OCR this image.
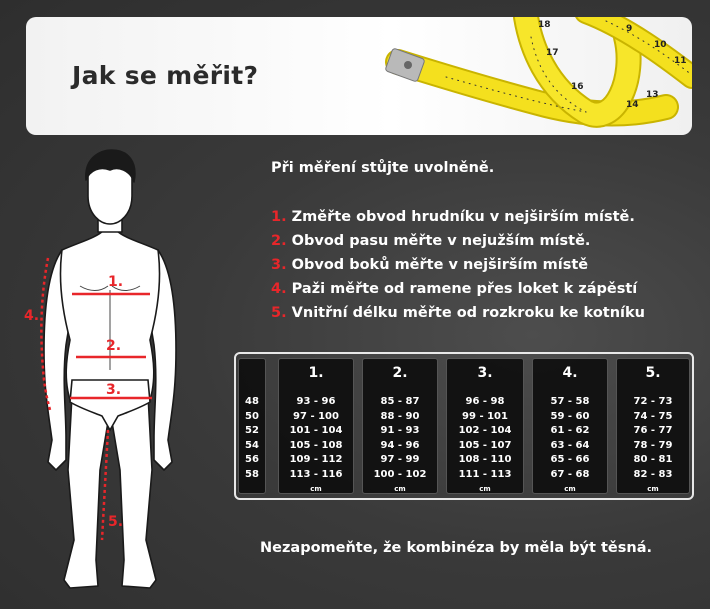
Jak se měřit?
18
17
16
14
13
9
10
11
1.
2.
3.
4.
5.
Při měření stůjte uvolněně.
1. Změřte obvod hrudníku v nejširším místě.
2. Obvod pasu měřte v nejužším místě.
3. Obvod boků měřte v nejširším místě
4. Paži měřte od ramene přes loket k zápěstí
5. Vnitřní délku měřte od rozkroku ke kotníku
48
50
52
54
56
58
1.
93 - 96
97 - 100
101 - 104
105 - 108
109 - 112
113 - 116
cm
2.
85 - 87
88 - 90
91 - 93
94 - 96
97 - 99
100 - 102
cm
3.
96 - 98
99 - 101
102 - 104
105 - 107
108 - 110
111 - 113
cm
4.
57 - 58
59 - 60
61 - 62
63 - 64
65 - 66
67 - 68
cm
5.
72 - 73
74 - 75
76 - 77
78 - 79
80 - 81
82 - 83
cm
Nezapomeňte, že kombinéza by měla být těsná.
